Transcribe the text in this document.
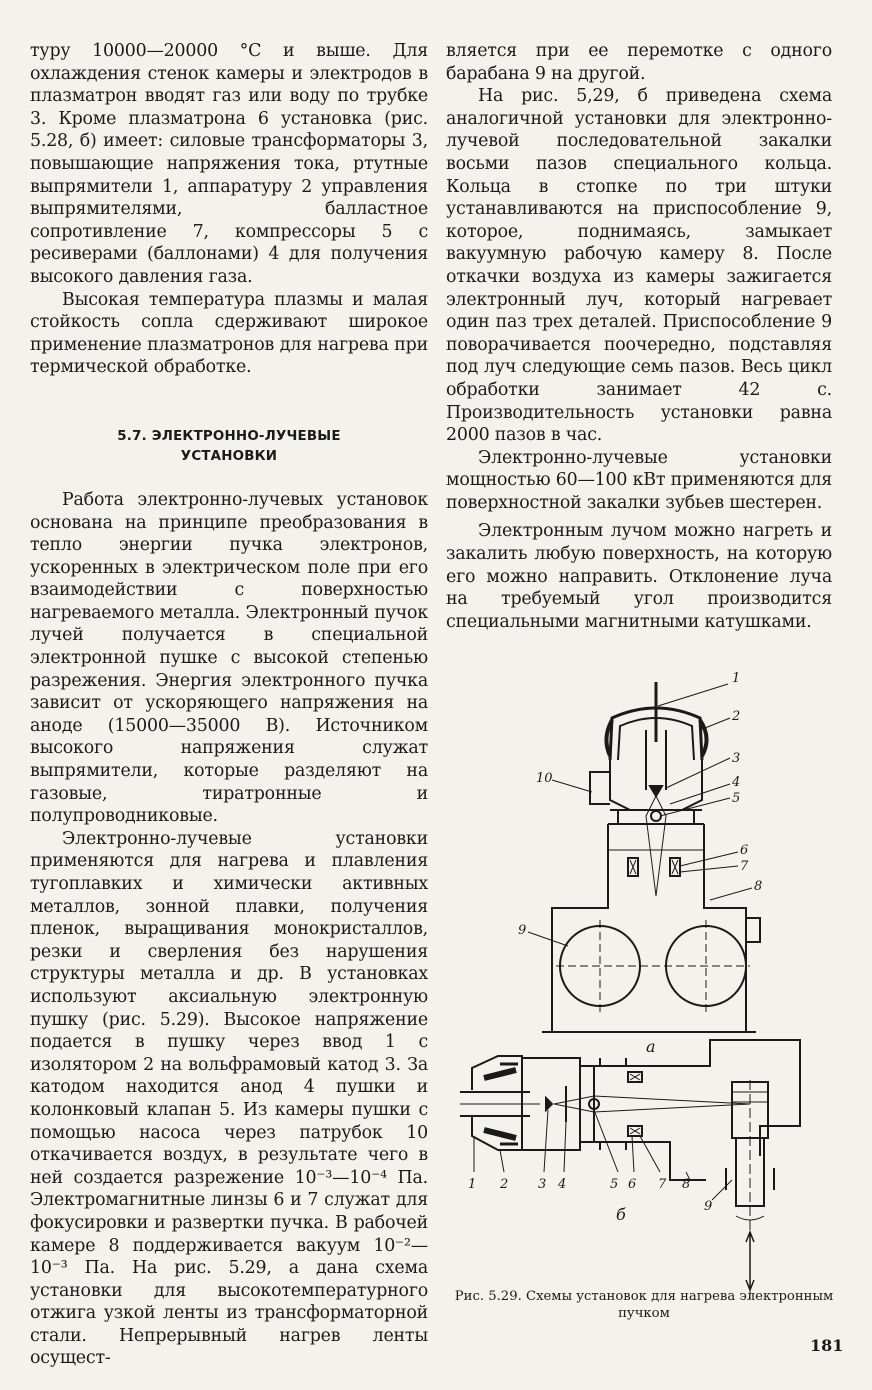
туру 10000—20000 °С и выше. Для охлаждения стенок камеры и электродов в плазматрон вводят газ или воду по трубке 3. Кроме плазматрона 6 установка (рис. 5.28, б) имеет: силовые трансформаторы 3, повышающие напряжения тока, ртутные выпрямители 1, аппаратуру 2 управления выпрямителями, балластное сопротивление 7, компрессоры 5 с ресиверами (баллонами) 4 для получения высокого давления газа.

Высокая температура плазмы и малая стойкость сопла сдерживают широкое применение плазматронов для нагрева при термической обработке.

5.7. ЭЛЕКТРОННО-ЛУЧЕВЫЕ
УСТАНОВКИ

Работа электронно-лучевых установок основана на принципе преобразования в тепло энергии пучка электронов, ускоренных в электрическом поле при его взаимодействии с поверхностью нагреваемого металла. Электронный пучок лучей получается в специальной электронной пушке с высокой степенью разрежения. Энергия электронного пучка зависит от ускоряющего напряжения на аноде (15000—35000 В). Источником высокого напряжения служат выпрямители, которые разделяют на газовые, тиратронные и полупроводниковые.

Электронно-лучевые установки применяются для нагрева и плавления тугоплавких и химически активных металлов, зонной плавки, получения пленок, выращивания монокристаллов, резки и сверления без нарушения структуры металла и др. В установках используют аксиальную электронную пушку (рис. 5.29). Высокое напряжение подается в пушку через ввод 1 с изолятором 2 на вольфрамовый катод 3. За катодом находится анод 4 пушки и колонковый клапан 5. Из камеры пушки с помощью насоса через патрубок 10 откачивается воздух, в результате чего в ней создается разрежение 10⁻³—10⁻⁴ Па. Электромагнитные линзы 6 и 7 служат для фокусировки и развертки пучка. В рабочей камере 8 поддерживается вакуум 10⁻²—10⁻³ Па. На рис. 5.29, а дана схема установки для высокотемпературного отжига узкой ленты из трансформаторной стали. Непрерывный нагрев ленты осущест-

вляется при ее перемотке с одного барабана 9 на другой.

На рис. 5,29, б приведена схема аналогичной установки для электронно-лучевой последовательной закалки восьми пазов специального кольца. Кольца в стопке по три штуки устанавливаются на приспособление 9, которое, поднимаясь, замыкает вакуумную рабочую камеру 8. После откачки воздуха из камеры зажигается электронный луч, который нагревает один паз трех деталей. Приспособление 9 поворачивается поочередно, подставляя под луч следующие семь пазов. Весь цикл обработки занимает 42 с. Производительность установки равна 2000 пазов в час.

Электронно-лучевые установки мощностью 60—100 кВт применяются для поверхностной закалки зубьев шестерен.

Электронным лучом можно нагреть и закалить любую поверхность, на которую его можно направить. Отклонение луча на требуемый угол производится специальными магнитными катушками.

1
2
3
4
5
6
7
8
9
10
а
1 2 3 4	5 6 7 8
9
б
Рис. 5.29. Схемы установок для нагрева электронным пучком
181
